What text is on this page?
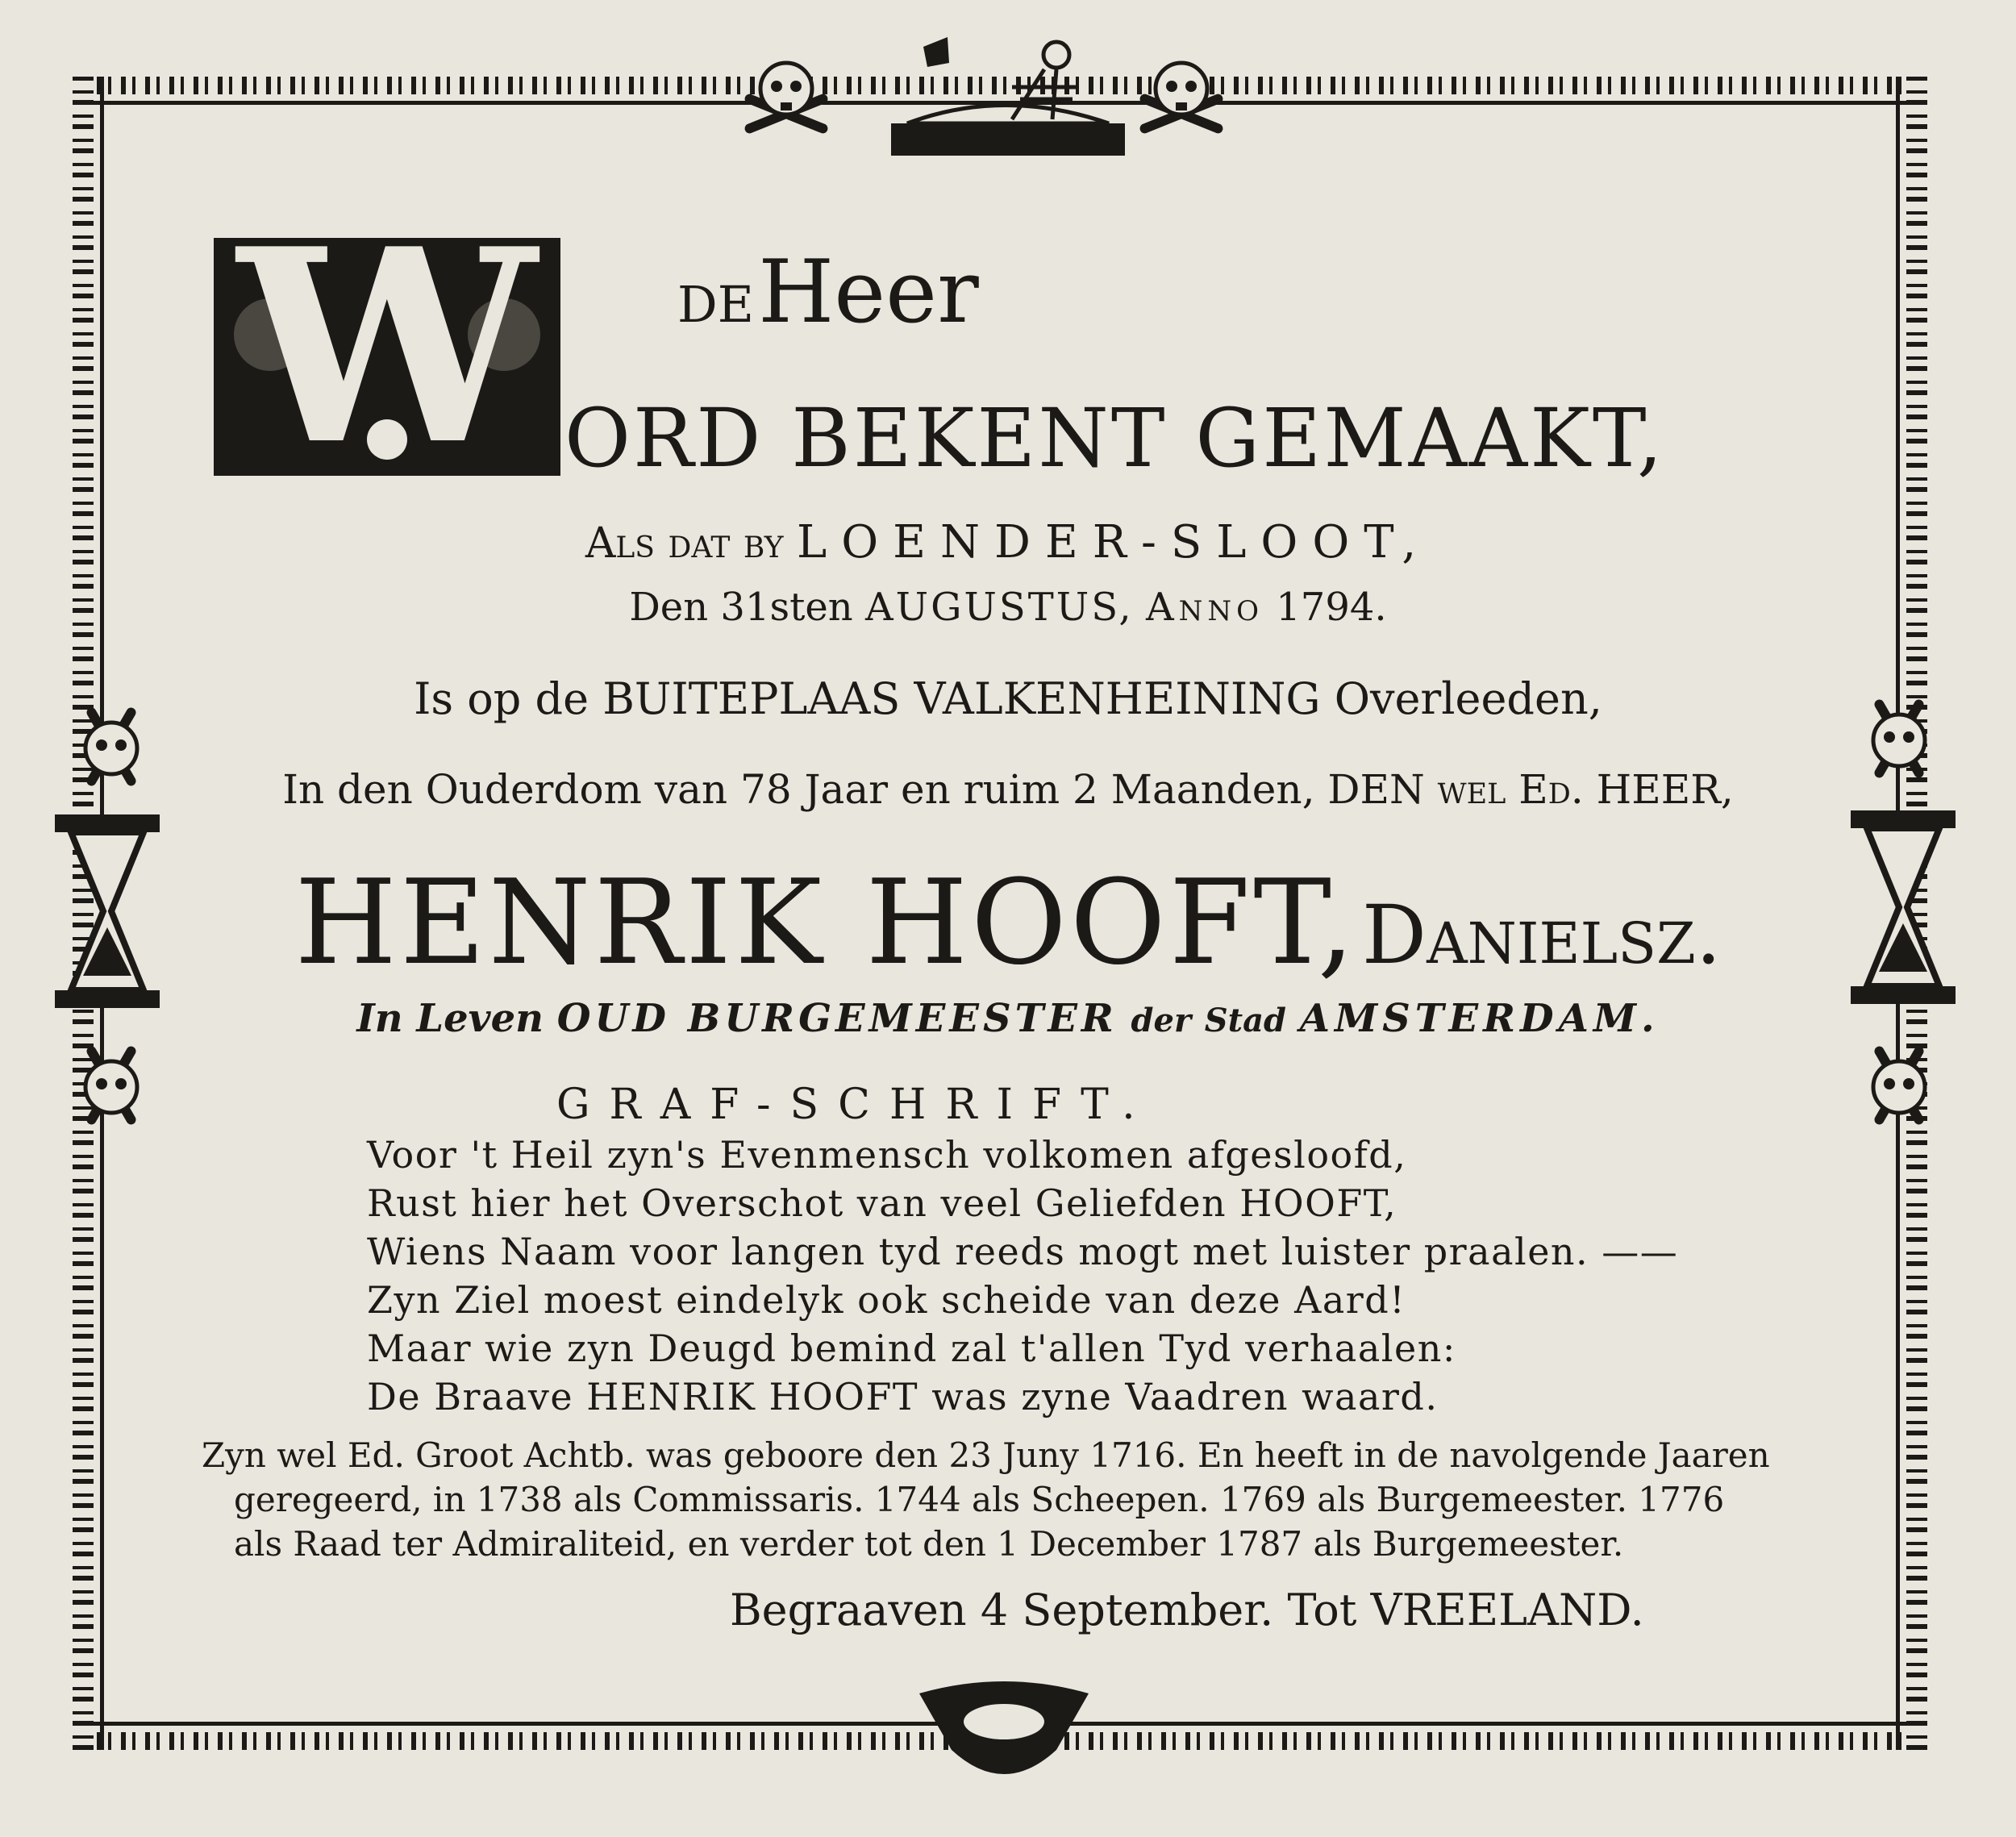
W	DE Heer
ORD BEKENT GEMAAKT,
Als dat by LOENDER-SLOOT,
Den 31sten AUGUSTUS, Anno 1794.
Is op de BUITEPLAAS VALKENHEINING Overleeden,
In den Ouderdom van 78 Jaar en ruim 2 Maanden, DEN wel Ed. HEER,
HENRIK HOOFT, Danielsz.
In Leven OUD BURGEMEESTER der Stad AMSTERDAM.
GRAF-SCHRIFT.
Voor 't Heil zyn's Evenmensch volkomen afgesloofd,
Rust hier het Overschot van veel Geliefden HOOFT,
Wiens Naam voor langen tyd reeds mogt met luister praalen. ——
Zyn Ziel moest eindelyk ook scheide van deze Aard!
Maar wie zyn Deugd bemind zal t'allen Tyd verhaalen:
De Braave HENRIK HOOFT was zyne Vaadren waard.
Zyn wel Ed. Groot Achtb. was geboore den 23 Juny 1716. En heeft in de navolgende Jaaren
geregeerd, in 1738 als Commissaris. 1744 als Scheepen. 1769 als Burgemeester. 1776
als Raad ter Admiraliteid, en verder tot den 1 December 1787 als Burgemeester.
Begraaven 4 September. Tot VREELAND.
